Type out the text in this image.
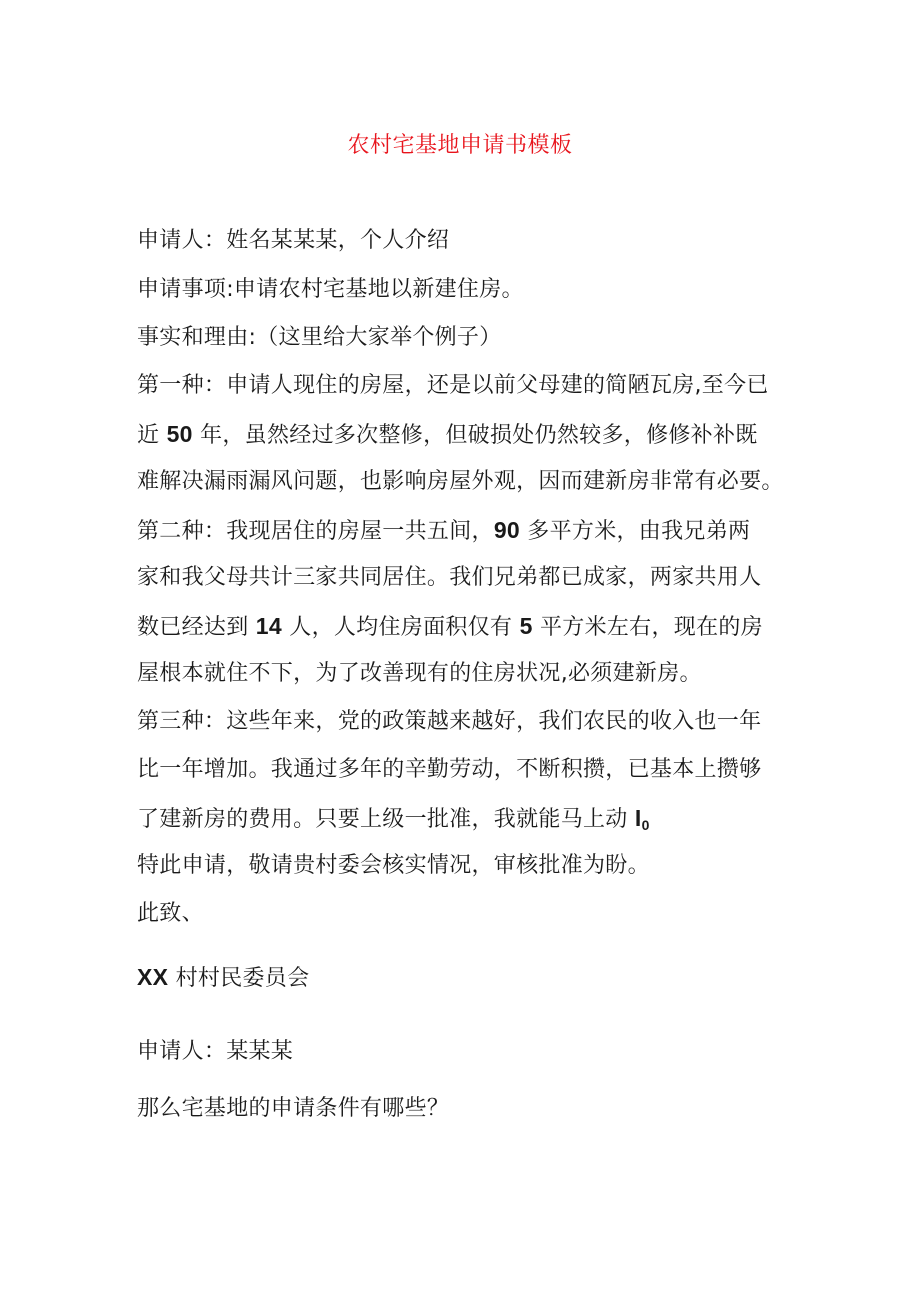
农村宅基地申请书模板
申请人：姓名某某某，个人介绍
申请事项:申请农村宅基地以新建住房。
事实和理由:（这里给大家举个例子）
第一种：申请人现住的房屋，还是以前父母建的简陋瓦房,至今已
近 50 年，虽然经过多次整修，但破损处仍然较多，修修补补既
难解决漏雨漏风问题，也影响房屋外观，因而建新房非常有必要。
第二种：我现居住的房屋一共五间，90 多平方米，由我兄弟两
家和我父母共计三家共同居住。我们兄弟都已成家，两家共用人
数已经达到 14 人，人均住房面积仅有 5 平方米左右，现在的房
屋根本就住不下，为了改善现有的住房状况,必须建新房。
第三种：这些年来，党的政策越来越好，我们农民的收入也一年
比一年增加。我通过多年的辛勤劳动，不断积攒，已基本上攒够
了建新房的费用。只要上级一批准，我就能马上动 $I_0$
特此申请，敬请贵村委会核实情况，审核批准为盼。
此致、
XX 村村民委员会
申请人：某某某
那么宅基地的申请条件有哪些？
